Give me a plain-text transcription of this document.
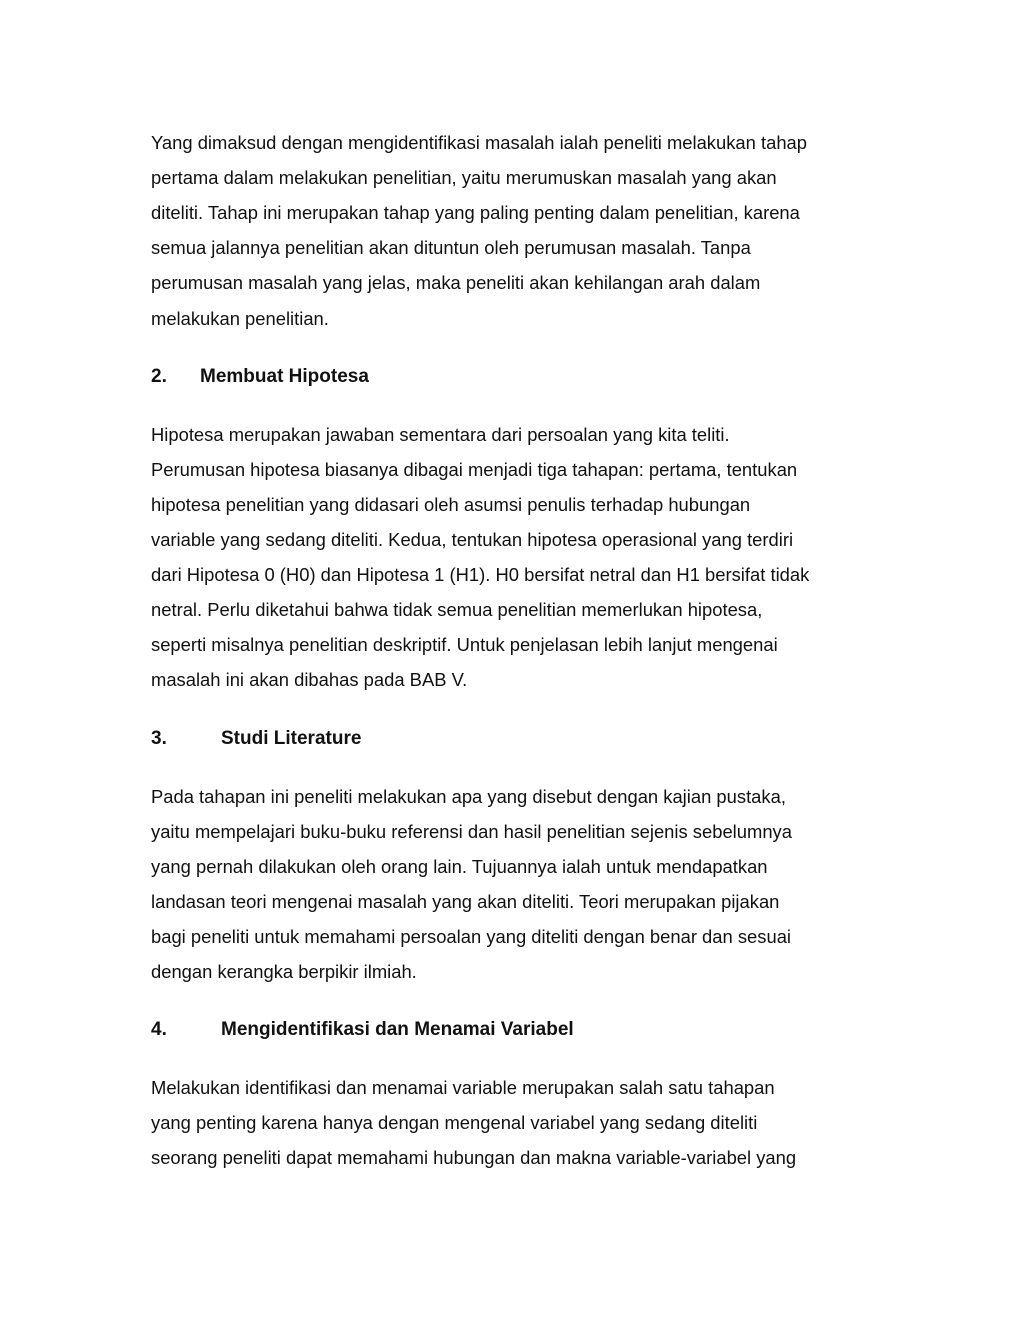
Yang dimaksud dengan mengidentifikasi masalah ialah peneliti melakukan tahap

pertama dalam melakukan penelitian, yaitu merumuskan masalah yang akan

diteliti. Tahap ini merupakan tahap yang paling penting dalam penelitian, karena

semua jalannya penelitian akan dituntun oleh perumusan masalah. Tanpa

perumusan masalah yang jelas, maka peneliti akan kehilangan arah dalam

melakukan penelitian.

2. Membuat Hipotesa

Hipotesa merupakan jawaban sementara dari persoalan yang kita teliti.

Perumusan hipotesa biasanya dibagai menjadi tiga tahapan: pertama, tentukan

hipotesa penelitian yang didasari oleh asumsi penulis terhadap hubungan

variable yang sedang diteliti. Kedua, tentukan hipotesa operasional yang terdiri

dari Hipotesa 0 (H0) dan Hipotesa 1 (H1). H0 bersifat netral dan H1 bersifat tidak

netral. Perlu diketahui bahwa tidak semua penelitian memerlukan hipotesa,

seperti misalnya penelitian deskriptif. Untuk penjelasan lebih lanjut mengenai

masalah ini akan dibahas pada BAB V.

3.	Studi Literature

Pada tahapan ini peneliti melakukan apa yang disebut dengan kajian pustaka,

yaitu mempelajari buku-buku referensi dan hasil penelitian sejenis sebelumnya

yang pernah dilakukan oleh orang lain. Tujuannya ialah untuk mendapatkan

landasan teori mengenai masalah yang akan diteliti. Teori merupakan pijakan

bagi peneliti untuk memahami persoalan yang diteliti dengan benar dan sesuai

dengan kerangka berpikir ilmiah.

4.	Mengidentifikasi dan Menamai Variabel

Melakukan identifikasi dan menamai variable merupakan salah satu tahapan

yang penting karena hanya dengan mengenal variabel yang sedang diteliti

seorang peneliti dapat memahami hubungan dan makna variable-variabel yang
